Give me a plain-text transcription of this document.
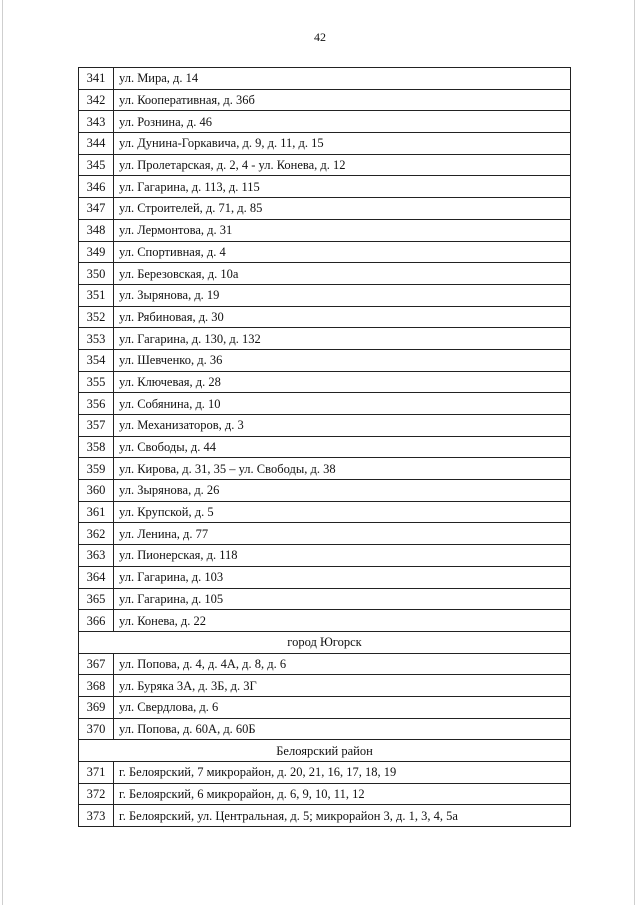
42
341	ул. Мира, д. 14
342	ул. Кооперативная, д. 36б
343	ул. Рознина, д. 46
344	ул. Дунина-Горкавича, д. 9, д. 11, д. 15
345	ул. Пролетарская, д. 2, 4 - ул. Конева, д. 12
346	ул. Гагарина, д. 113, д. 115
347	ул. Строителей, д. 71, д. 85
348	ул. Лермонтова, д. 31
349	ул. Спортивная, д. 4
350	ул. Березовская, д. 10а
351	ул. Зырянова, д. 19
352	ул. Рябиновая, д. 30
353	ул. Гагарина, д. 130, д. 132
354	ул. Шевченко, д. 36
355	ул. Ключевая, д. 28
356	ул. Собянина, д. 10
357	ул. Механизаторов, д. 3
358	ул. Свободы, д. 44
359	ул. Кирова, д. 31, 35 – ул. Свободы, д. 38
360	ул. Зырянова, д. 26
361	ул. Крупской, д. 5
362	ул. Ленина, д. 77
363	ул. Пионерская, д. 118
364	ул. Гагарина, д. 103
365	ул. Гагарина, д. 105
366	ул. Конева, д. 22
город Югорск	
367	ул. Попова, д. 4, д. 4А, д. 8, д. 6
368	ул. Буряка 3А, д. 3Б, д. 3Г
369	ул. Свердлова, д. 6
370	ул. Попова, д. 60А, д. 60Б
Белоярский район	
371	г. Белоярский, 7 микрорайон, д. 20, 21, 16, 17, 18, 19
372	г. Белоярский, 6 микрорайон, д. 6, 9, 10, 11, 12
373	г. Белоярский, ул. Центральная, д. 5; микрорайон 3, д. 1, 3, 4, 5а
